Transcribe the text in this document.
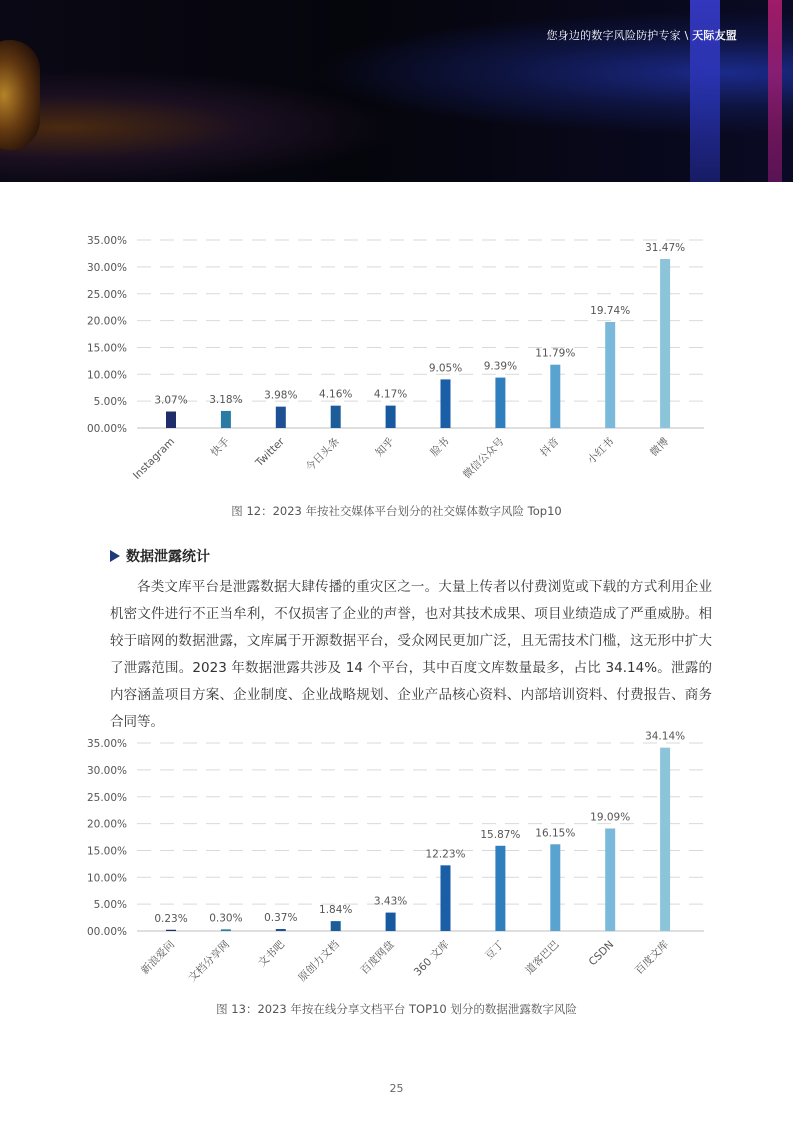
您身边的数字风险防护专家 \ 天际友盟
00.00%
5.00%
10.00%
15.00%
20.00%
25.00%
30.00%
35.00%
3.07%
Instagram
3.18%
快手
3.98%
Twitter
4.16%
今日头条
4.17%
知乎
9.05%
脸书
9.39%
微信公众号
11.79%
抖音
19.74%
小红书
31.47%
微博
图 12：2023 年按社交媒体平台划分的社交媒体数字风险 Top10
数据泄露统计

各类文库平台是泄露数据大肆传播的重灾区之一。大量上传者以付费浏览或下载的方式利用企业机密文件进行不正当牟利，不仅损害了企业的声誉，也对其技术成果、项目业绩造成了严重威胁。相较于暗网的数据泄露，文库属于开源数据平台，受众网民更加广泛，且无需技术门槛，这无形中扩大了泄露范围。2023 年数据泄露共涉及 14 个平台，其中百度文库数量最多，占比 34.14%。泄露的内容涵盖项目方案、企业制度、企业战略规划、企业产品核心资料、内部培训资料、付费报告、商务合同等。

00.00%
5.00%
10.00%
15.00%
20.00%
25.00%
30.00%
35.00%
0.23%
新浪爱问
0.30%
文档分享网
0.37%
文书吧
1.84%
原创力文档
3.43%
百度网盘
12.23%
360 文库
15.87%
豆丁
16.15%
道客巴巴
19.09%
CSDN
34.14%
百度文库
图 13：2023 年按在线分享文档平台 TOP10 划分的数据泄露数字风险
25
